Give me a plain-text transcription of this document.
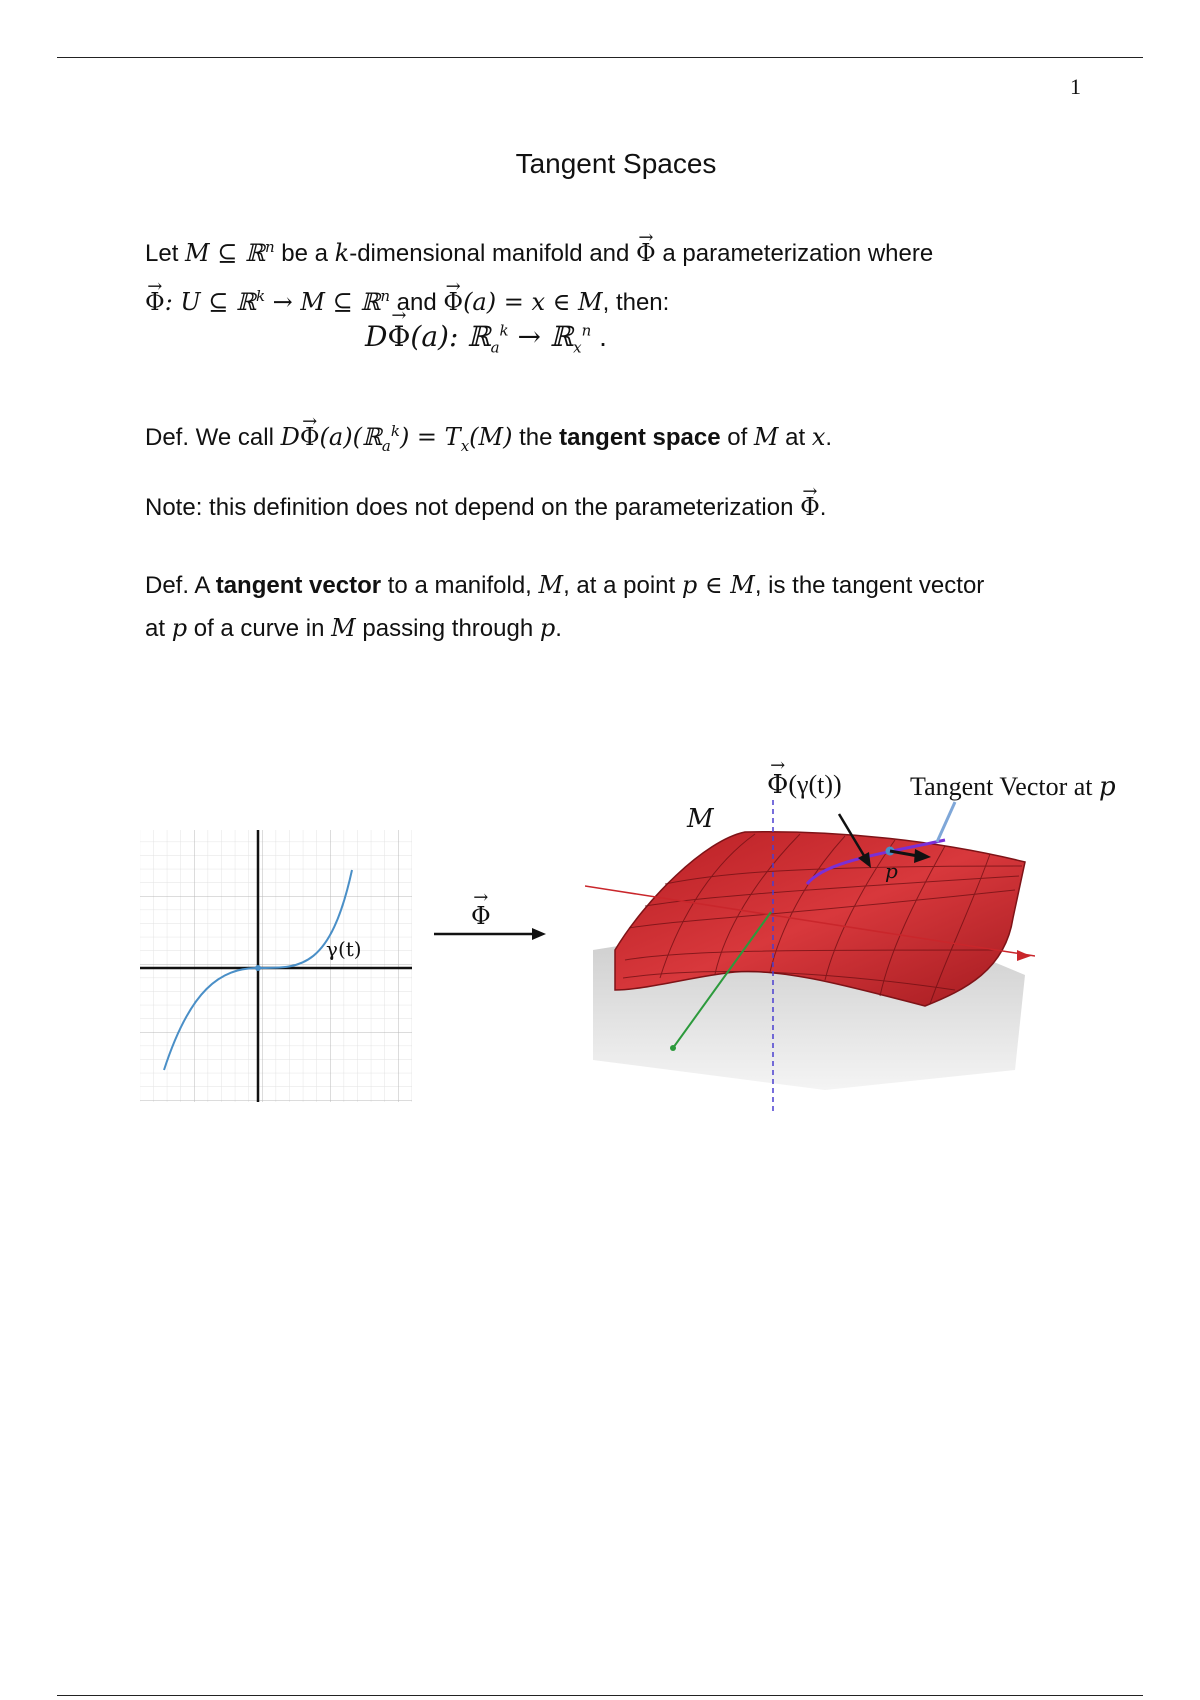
1
Tangent Spaces
Let M ⊆ ℝ$^n$ be a k-dimensional manifold and → Φ a parameterization where
→ Φ: U ⊆ ℝ$^k$ → M ⊆ ℝ$^n$ and → Φ(a) = x ∈ M, then:
D→ Φ(a): ℝ$_a^k$ → ℝ$_x^n$ .
Def. We call D→ Φ(a)(ℝ$_a^k$) = $T_x(M)$ the tangent space of M at x.
Note: this definition does not depend on the parameterization → Φ.
Def. A tangent vector to a manifold, M, at a point p ∈ M, is the tangent vector
at p of a curve in M passing through p.
γ(t)
→ Φ
p
M
→ Φ(γ(t))	Tangent Vector at p
